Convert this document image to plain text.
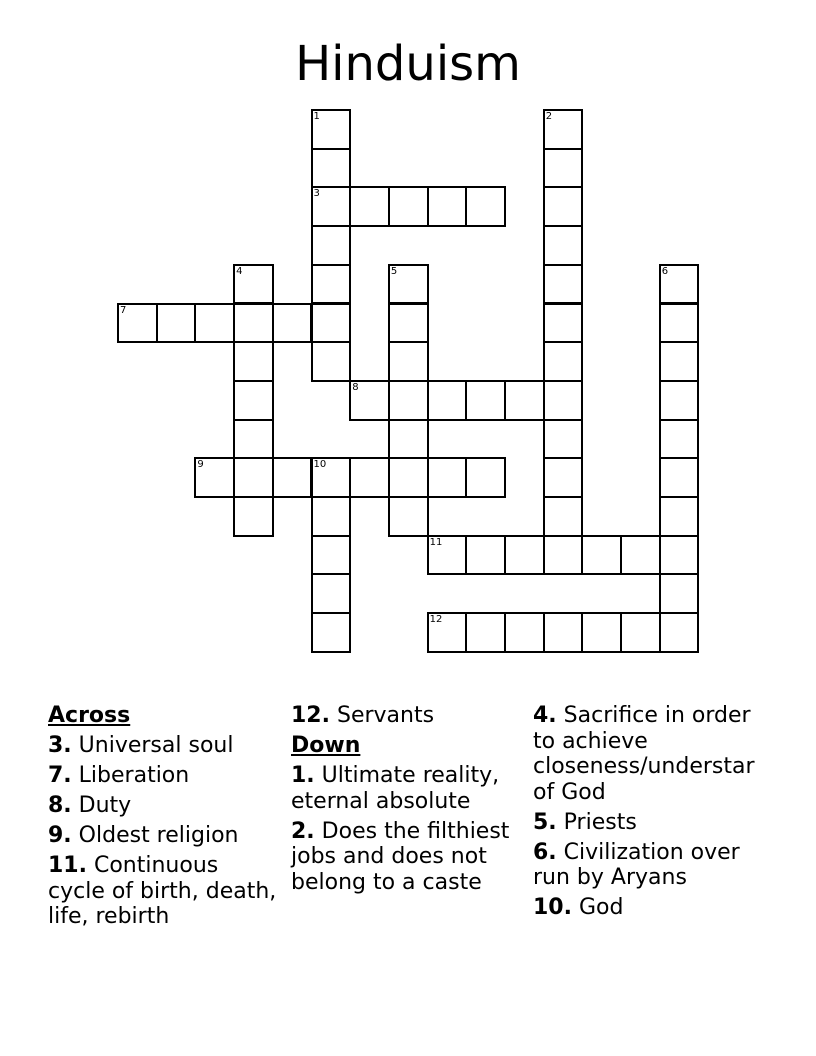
Hinduism
1
3
2
4	5	6
7
8
9	10
11
12
Across
3. Universal soul
7. Liberation
8. Duty
9. Oldest religion
11. Continuous cycle of birth, death, life, rebirth
12. Servants
Down
1. Ultimate reality, eternal absolute
2. Does the filthiest jobs and does not belong to a caste
4. Sacrifice in order to achieve closeness/understar of God
5. Priests
6. Civilization over run by Aryans
10. God
